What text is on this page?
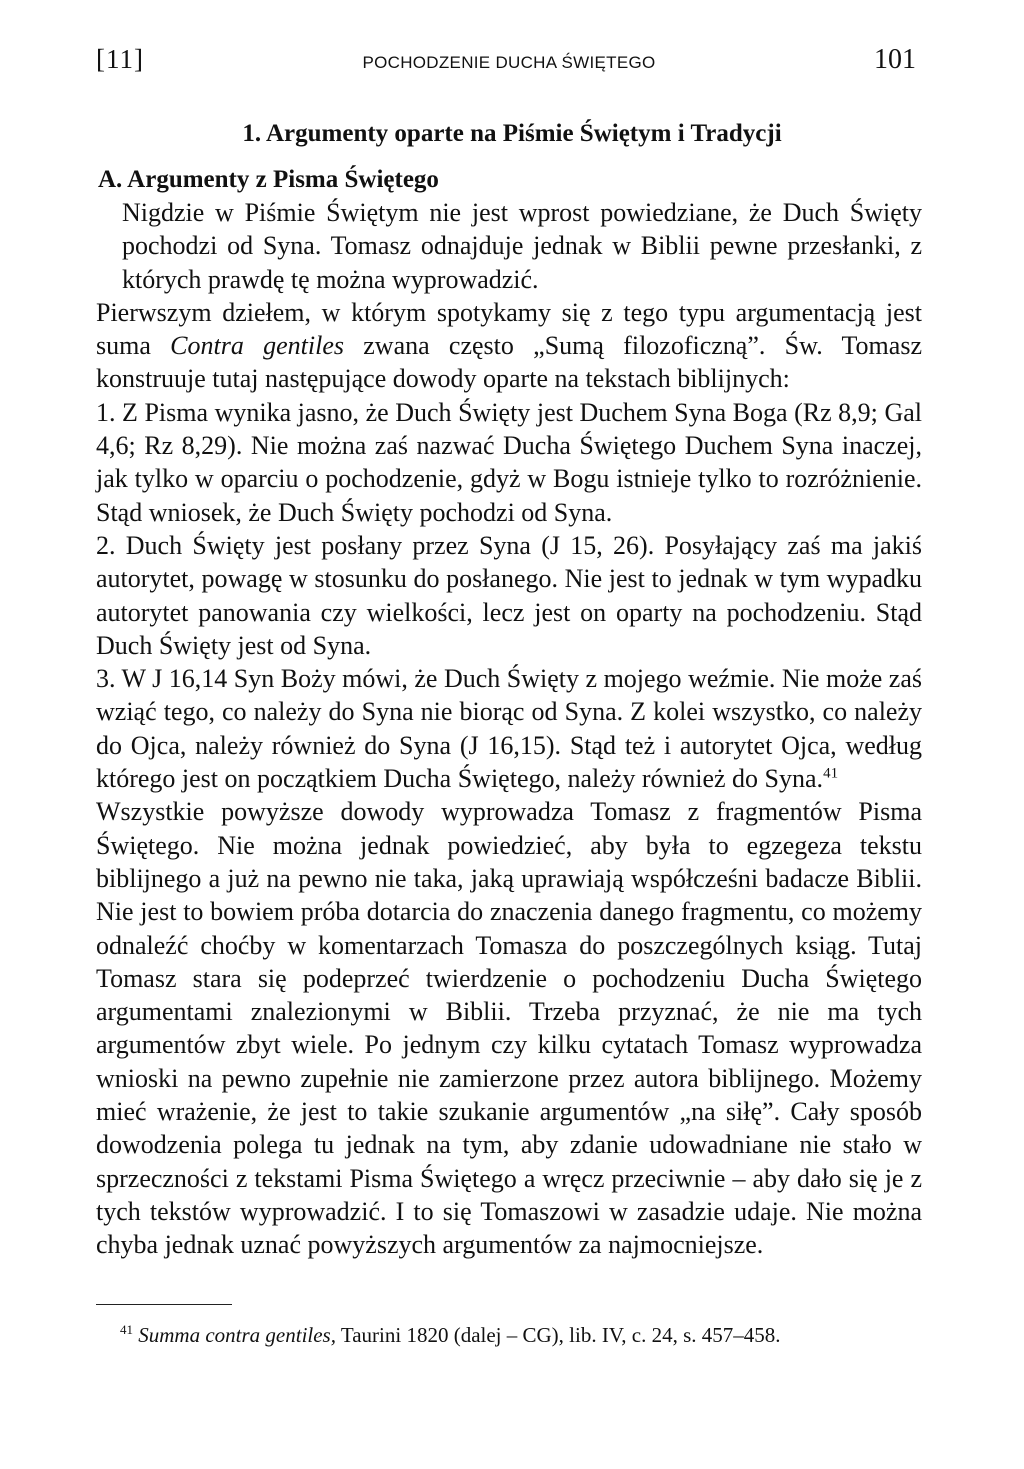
[11]	POCHODZENIE DUCHA ŚWIĘTEGO	101
1. Argumenty oparte na Piśmie Świętym i Tradycji
A. Argumenty z Pisma Świętego

Nigdzie w Piśmie Świętym nie jest wprost powiedziane, że Duch Święty pochodzi od Syna. Tomasz odnajduje jednak w Biblii pewne przesłanki, z których prawdę tę można wyprowadzić.

Pierwszym dziełem, w którym spotykamy się z tego typu argumentacją jest suma Contra gentiles zwana często „Sumą filozoficzną”. Św. Tomasz konstruuje tutaj następujące dowody oparte na tekstach biblijnych:

1. Z Pisma wynika jasno, że Duch Święty jest Duchem Syna Boga (Rz 8,9; Gal 4,6; Rz 8,29). Nie można zaś nazwać Ducha Świętego Duchem Syna inaczej, jak tylko w oparciu o pochodzenie, gdyż w Bogu istnieje tylko to rozróżnienie. Stąd wniosek, że Duch Święty pochodzi od Syna.

2. Duch Święty jest posłany przez Syna (J 15, 26). Posyłający zaś ma jakiś autorytet, powagę w stosunku do posłanego. Nie jest to jednak w tym wypadku autorytet panowania czy wielkości, lecz jest on oparty na pochodzeniu. Stąd Duch Święty jest od Syna.

3. W J 16,14 Syn Boży mówi, że Duch Święty z mojego weźmie. Nie może zaś wziąć tego, co należy do Syna nie biorąc od Syna. Z kolei wszystko, co należy do Ojca, należy również do Syna (J 16,15). Stąd też i autorytet Ojca, według którego jest on początkiem Ducha Świętego, należy również do Syna.$^{41}$

Wszystkie powyższe dowody wyprowadza Tomasz z fragmentów Pisma Świętego. Nie można jednak powiedzieć, aby była to egzegeza tekstu biblijnego a już na pewno nie taka, jaką uprawiają współcześni badacze Biblii. Nie jest to bowiem próba dotarcia do znaczenia danego fragmentu, co możemy odnaleźć choćby w komentarzach Tomasza do poszczególnych ksiąg. Tutaj Tomasz stara się podeprzeć twierdzenie o pochodzeniu Ducha Świętego argumentami znalezionymi w Biblii. Trzeba przyznać, że nie ma tych argumentów zbyt wiele. Po jednym czy kilku cytatach Tomasz wyprowadza wnioski na pewno zupełnie nie zamierzone przez autora biblijnego. Możemy mieć wrażenie, że jest to takie szukanie argumentów „na siłę”. Cały sposób dowodzenia polega tu jednak na tym, aby zdanie udowadniane nie stało w sprzeczności z tekstami Pisma Świętego a wręcz przeciwnie – aby dało się je z tych tekstów wyprowadzić. I to się Tomaszowi w zasadzie udaje. Nie można chyba jednak uznać powyższych argumentów za najmocniejsze.

$^{41}$ Summa contra gentiles, Taurini 1820 (dalej – CG), lib. IV, c. 24, s. 457–458.
